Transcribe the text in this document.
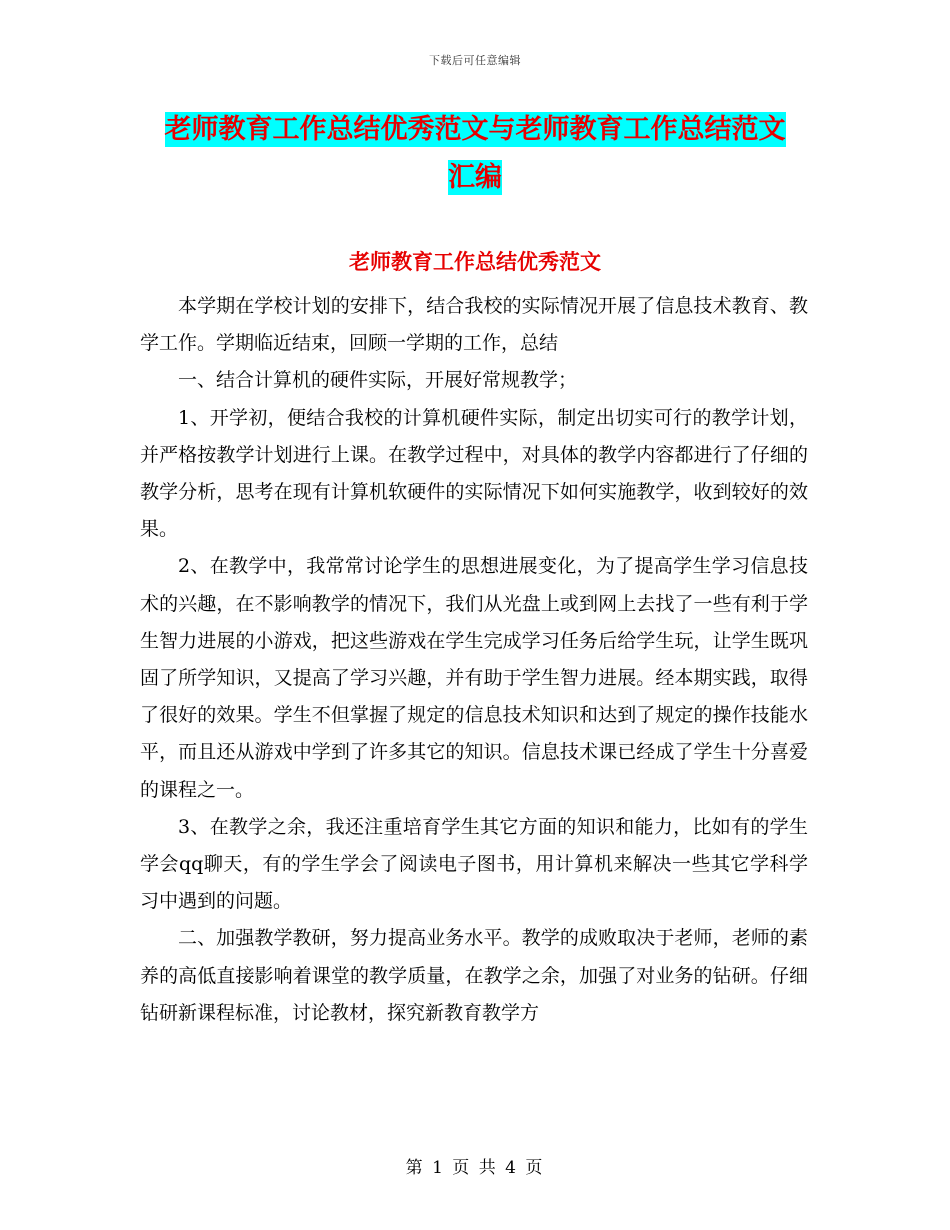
下载后可任意编辑
老师教育工作总结优秀范文与老师教育工作总结范文
汇编
老师教育工作总结优秀范文

本学期在学校计划的安排下，结合我校的实际情况开展了信息技术教育、教学工作。学期临近结束，回顾一学期的工作，总结

一、结合计算机的硬件实际，开展好常规教学；

1、开学初，便结合我校的计算机硬件实际，制定出切实可行的教学计划，并严格按教学计划进行上课。在教学过程中，对具体的教学内容都进行了仔细的教学分析，思考在现有计算机软硬件的实际情况下如何实施教学，收到较好的效果。

2、在教学中，我常常讨论学生的思想进展变化，为了提高学生学习信息技术的兴趣，在不影响教学的情况下，我们从光盘上或到网上去找了一些有利于学生智力进展的小游戏，把这些游戏在学生完成学习任务后给学生玩，让学生既巩固了所学知识，又提高了学习兴趣，并有助于学生智力进展。经本期实践，取得了很好的效果。学生不但掌握了规定的信息技术知识和达到了规定的操作技能水平，而且还从游戏中学到了许多其它的知识。信息技术课已经成了学生十分喜爱的课程之一。

3、在教学之余，我还注重培育学生其它方面的知识和能力，比如有的学生学会qq聊天，有的学生学会了阅读电子图书，用计算机来解决一些其它学科学习中遇到的问题。

二、加强教学教研，努力提高业务水平。教学的成败取决于老师，老师的素养的高低直接影响着课堂的教学质量，在教学之余，加强了对业务的钻研。仔细钻研新课程标准，讨论教材，探究新教育教学方

第 1 页 共 4 页
